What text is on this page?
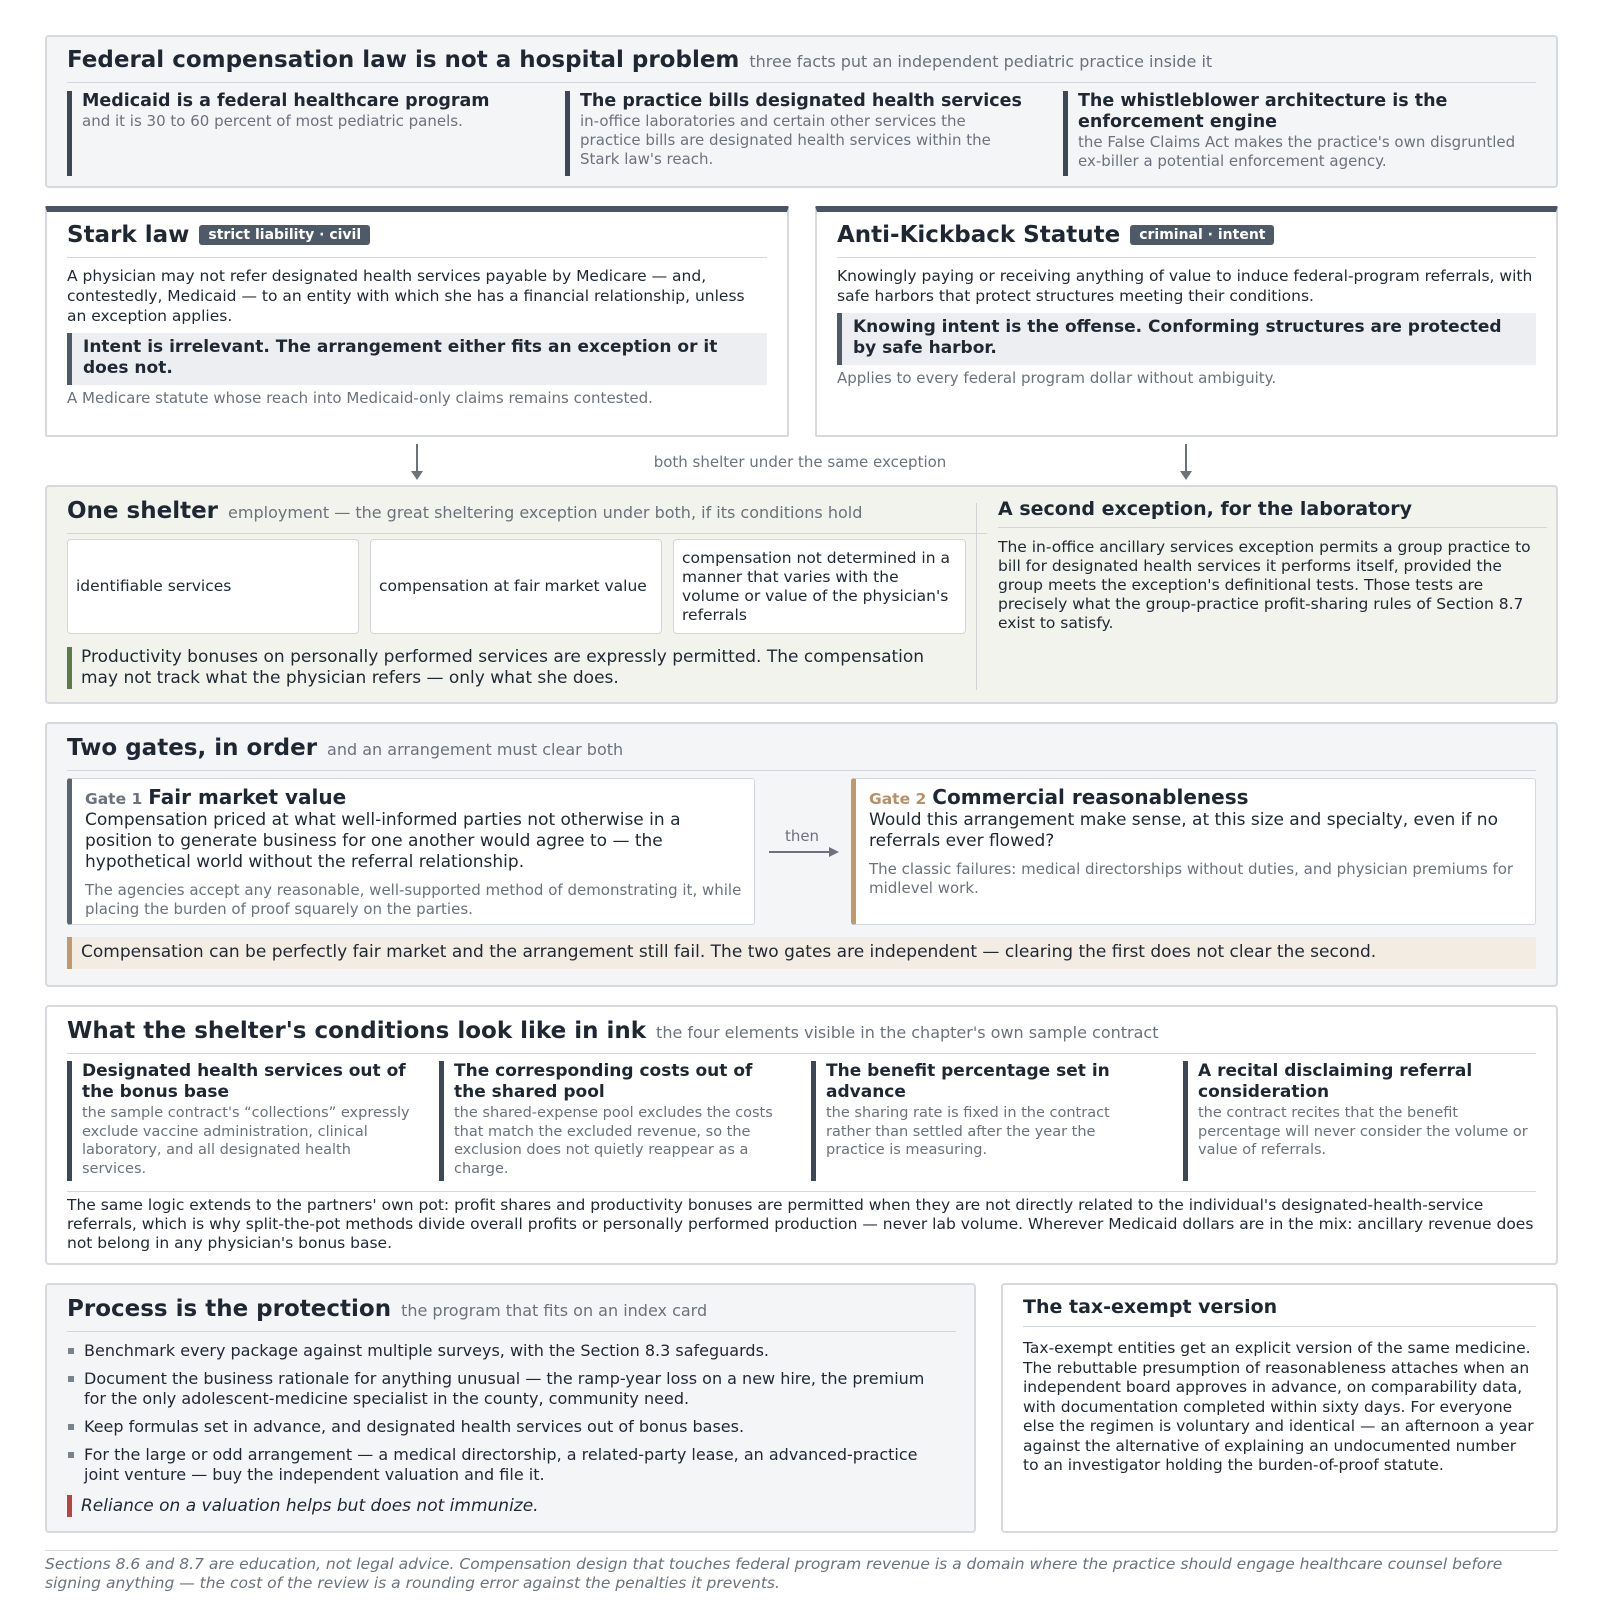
Federal compensation law is not a hospital problem three facts put an independent pediatric practice inside it
Medicaid is a federal healthcare program
and it is 30 to 60 percent of most pediatric panels.
The practice bills designated health services
in-office laboratories and certain other services the practice bills are designated health services within the Stark law's reach.
The whistleblower architecture is the enforcement engine
the False Claims Act makes the practice's own disgruntled ex-biller a potential enforcement agency.
Stark law	strict liability · civil
A physician may not refer designated health services payable by Medicare — and, contestedly, Medicaid — to an entity with which she has a financial relationship, unless an exception applies.
Intent is irrelevant. The arrangement either fits an exception or it does not.
A Medicare statute whose reach into Medicaid-only claims remains contested.
Anti-Kickback Statute	criminal · intent
Knowingly paying or receiving anything of value to induce federal-program referrals, with safe harbors that protect structures meeting their conditions.
Knowing intent is the offense. Conforming structures are protected by safe harbor.
Applies to every federal program dollar without ambiguity.
both shelter under the same exception
One shelter employment — the great sheltering exception under both, if its conditions hold
identifiable services	compensation at fair market value
compensation not determined in a manner that varies with the volume or value of the physician's referrals
Productivity bonuses on personally performed services are expressly permitted. The compensation may not track what the physician refers — only what she does.
A second exception, for the laboratory
The in-office ancillary services exception permits a group practice to bill for designated health services it performs itself, provided the group meets the exception's definitional tests. Those tests are precisely what the group-practice profit-sharing rules of Section 8.7 exist to satisfy.
Two gates, in order and an arrangement must clear both
Gate 1 Fair market value
Compensation priced at what well-informed parties not otherwise in a position to generate business for one another would agree to — the hypothetical world without the referral relationship.
The agencies accept any reasonable, well-supported method of demonstrating it, while placing the burden of proof squarely on the parties.
then
Gate 2 Commercial reasonableness
Would this arrangement make sense, at this size and specialty, even if no referrals ever flowed?
The classic failures: medical directorships without duties, and physician premiums for midlevel work.
Compensation can be perfectly fair market and the arrangement still fail. The two gates are independent — clearing the first does not clear the second.
What the shelter's conditions look like in ink the four elements visible in the chapter's own sample contract
Designated health services out of the bonus base
the sample contract's “collections” expressly exclude vaccine administration, clinical laboratory, and all designated health services.
The corresponding costs out of the shared pool
the shared-expense pool excludes the costs that match the excluded revenue, so the exclusion does not quietly reappear as a charge.
The benefit percentage set in advance
the sharing rate is fixed in the contract rather than settled after the year the practice is measuring.
A recital disclaiming referral consideration
the contract recites that the benefit percentage will never consider the volume or value of referrals.
The same logic extends to the partners' own pot: profit shares and productivity bonuses are permitted when they are not directly related to the individual's designated-health-service referrals, which is why split-the-pot methods divide overall profits or personally performed production — never lab volume. Wherever Medicaid dollars are in the mix: ancillary revenue does not belong in any physician's bonus base.
Process is the protection the program that fits on an index card
Benchmark every package against multiple surveys, with the Section 8.3 safeguards.
Document the business rationale for anything unusual — the ramp-year loss on a new hire, the premium for the only adolescent-medicine specialist in the county, community need.
Keep formulas set in advance, and designated health services out of bonus bases.
For the large or odd arrangement — a medical directorship, a related-party lease, an advanced-practice joint venture — buy the independent valuation and file it.
Reliance on a valuation helps but does not immunize.
The tax-exempt version
Tax-exempt entities get an explicit version of the same medicine. The rebuttable presumption of reasonableness attaches when an independent board approves in advance, on comparability data, with documentation completed within sixty days. For everyone else the regimen is voluntary and identical — an afternoon a year against the alternative of explaining an undocumented number to an investigator holding the burden-of-proof statute.
Sections 8.6 and 8.7 are education, not legal advice. Compensation design that touches federal program revenue is a domain where the practice should engage healthcare counsel before signing anything — the cost of the review is a rounding error against the penalties it prevents.
